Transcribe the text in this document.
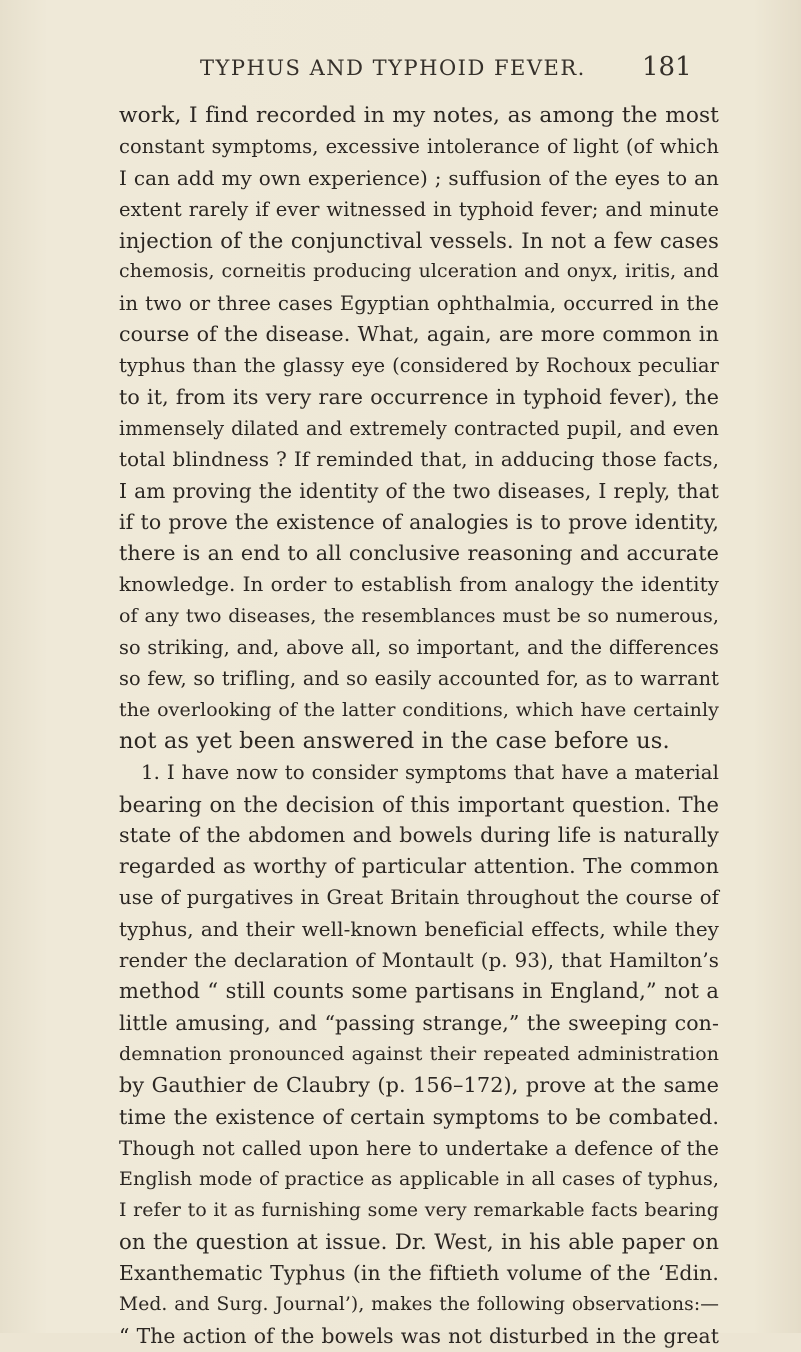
TYPHUS AND TYPHOID FEVER. 181
work, I find recorded in my notes, as among the most
constant symptoms, excessive intolerance of light (of which
I can add my own experience) ; suffusion of the eyes to an
extent rarely if ever witnessed in typhoid fever; and minute
injection of the conjunctival vessels. In not a few cases
chemosis, corneitis producing ulceration and onyx, iritis, and
in two or three cases Egyptian ophthalmia, occurred in the
course of the disease. What, again, are more common in
typhus than the glassy eye (considered by Rochoux peculiar
to it, from its very rare occurrence in typhoid fever), the
immensely dilated and extremely contracted pupil, and even
total blindness ? If reminded that, in adducing those facts,
I am proving the identity of the two diseases, I reply, that
if to prove the existence of analogies is to prove identity,
there is an end to all conclusive reasoning and accurate
knowledge. In order to establish from analogy the identity
of any two diseases, the resemblances must be so numerous,
so striking, and, above all, so important, and the differences
so few, so trifling, and so easily accounted for, as to warrant
the overlooking of the latter conditions, which have certainly
not as yet been answered in the case before us.
1. I have now to consider symptoms that have a material
bearing on the decision of this important question. The
state of the abdomen and bowels during life is naturally
regarded as worthy of particular attention. The common
use of purgatives in Great Britain throughout the course of
typhus, and their well-known beneficial effects, while they
render the declaration of Montault (p. 93), that Hamilton’s
method “ still counts some partisans in England,” not a
little amusing, and “passing strange,” the sweeping con-
demnation pronounced against their repeated administration
by Gauthier de Claubry (p. 156–172), prove at the same
time the existence of certain symptoms to be combated.
Though not called upon here to undertake a defence of the
English mode of practice as applicable in all cases of typhus,
I refer to it as furnishing some very remarkable facts bearing
on the question at issue. Dr. West, in his able paper on
Exanthematic Typhus (in the fiftieth volume of the ‘Edin.
Med. and Surg. Journal’), makes the following observations:—
“ The action of the bowels was not disturbed in the great
